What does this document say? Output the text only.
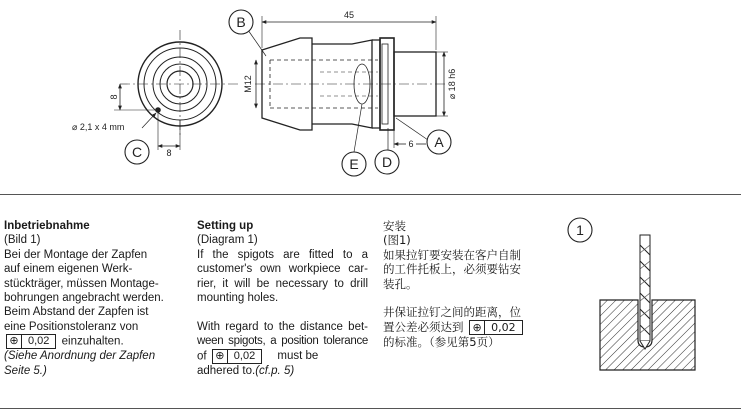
B
C
E D
A
45
M12	⌀ 18 h6
⌀ 2,1 x 4 mm
8
8
6
Inbetriebnahme
(Bild 1)
Bei der Montage der Zapfen
auf einem eigenen Werk-
stückträger, müssen Montage-
bohrungen angebracht werden.
Beim Abstand der Zapfen ist
eine Positionstoleranz von
⊕ 0,02	einzuhalten.
(Siehe Anordnung der Zapfen
Seite 5.)
Setting up
(Diagram 1)
If the spigots are fitted to a
customer's own workpiece car-
rier, it will be necessary to drill
mounting holes.
With regard to the distance bet-
ween spigots, a position tolerance
of ⊕ 0,02	must be
adhered to.(cf.p. 5)
安装
(图1)
如果拉钉要安装在客户自制
的工件托板上，必须要钻安
装孔。
井保证拉钉之间的距离，位
置公差必须达到 ⊕ 0,02
的标准。（参见第5页）
1
